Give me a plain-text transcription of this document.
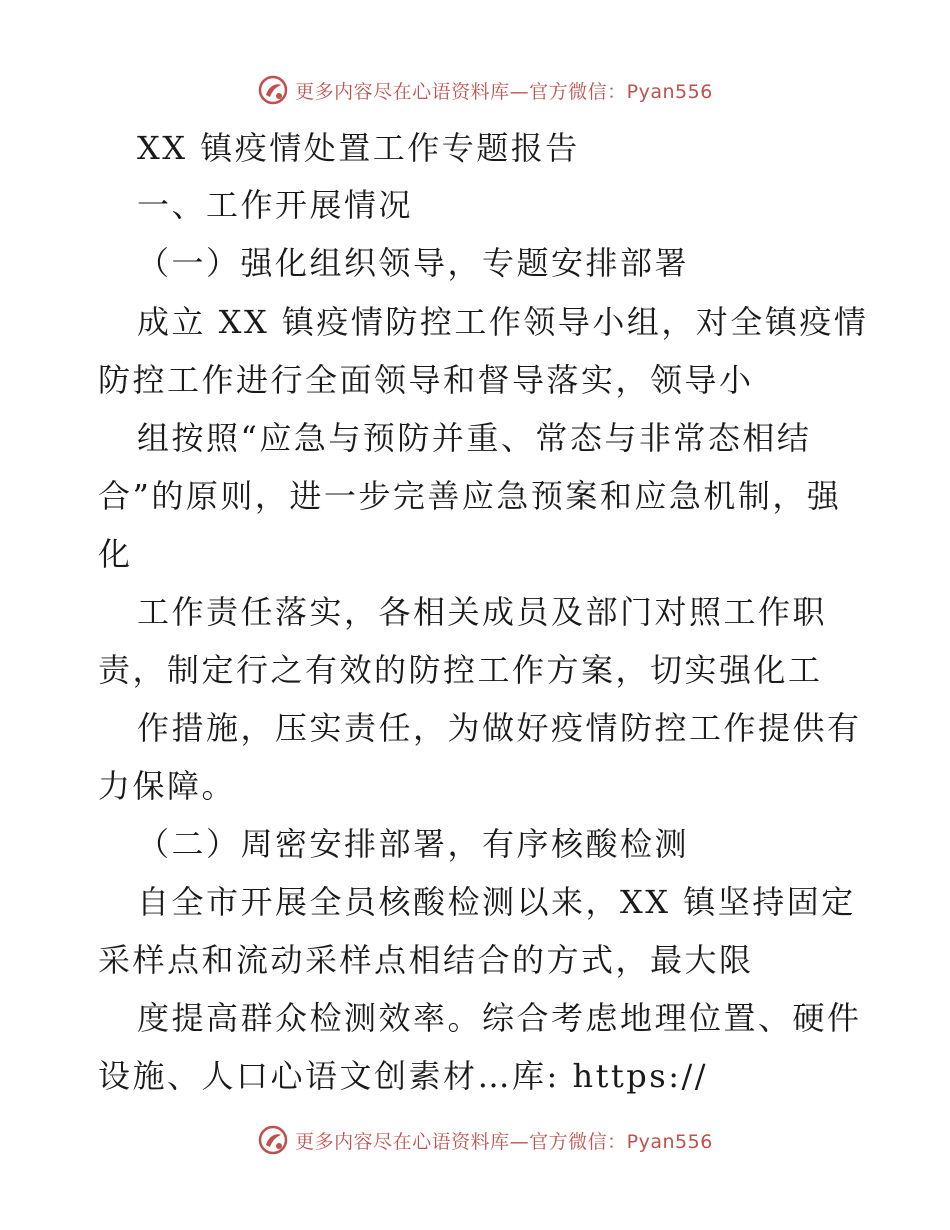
更多内容尽在心语资料库—官方微信：Pyan556
XX 镇疫情处置工作专题报告
一、工作开展情况
（一）强化组织领导，专题安排部署
成立 XX 镇疫情防控工作领导小组，对全镇疫情
防控工作进行全面领导和督导落实，领导小
组按照“应急与预防并重、常态与非常态相结
合”的原则，进一步完善应急预案和应急机制，强
化
工作责任落实，各相关成员及部门对照工作职
责，制定行之有效的防控工作方案，切实强化工
作措施，压实责任，为做好疫情防控工作提供有
力保障。
（二）周密安排部署，有序核酸检测
自全市开展全员核酸检测以来，XX 镇坚持固定
采样点和流动采样点相结合的方式，最大限
度提高群众检测效率。综合考虑地理位置、硬件
设施、人口心语文创素材…库: https://
更多内容尽在心语资料库—官方微信：Pyan556
